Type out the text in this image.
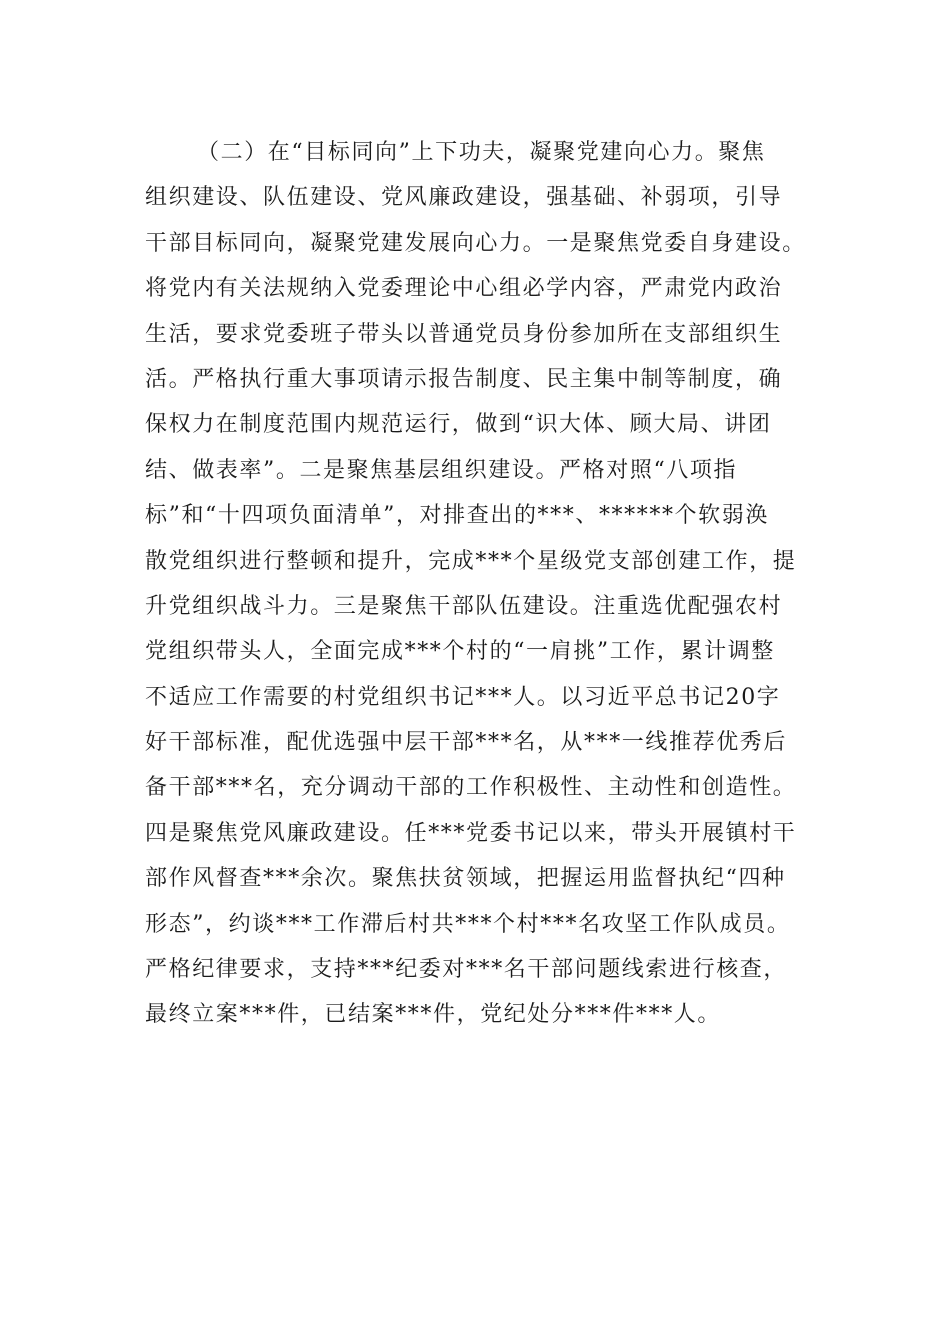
（二）在“目标同向”上下功夫，凝聚党建向心力。聚焦
组织建设、队伍建设、党风廉政建设，强基础、补弱项，引导
干部目标同向，凝聚党建发展向心力。一是聚焦党委自身建设。
将党内有关法规纳入党委理论中心组必学内容，严肃党内政治
生活，要求党委班子带头以普通党员身份参加所在支部组织生
活。严格执行重大事项请示报告制度、民主集中制等制度，确
保权力在制度范围内规范运行，做到“识大体、顾大局、讲团
结、做表率”。二是聚焦基层组织建设。严格对照“八项指
标”和“十四项负面清单”，对排查出的***、******个软弱涣
散党组织进行整顿和提升，完成***个星级党支部创建工作，提
升党组织战斗力。三是聚焦干部队伍建设。注重选优配强农村
党组织带头人，全面完成***个村的“一肩挑”工作，累计调整
不适应工作需要的村党组织书记***人。以习近平总书记20字
好干部标准，配优选强中层干部***名，从***一线推荐优秀后
备干部***名，充分调动干部的工作积极性、主动性和创造性。
四是聚焦党风廉政建设。任***党委书记以来，带头开展镇村干
部作风督查***余次。聚焦扶贫领域，把握运用监督执纪“四种
形态”，约谈***工作滞后村共***个村***名攻坚工作队成员。
严格纪律要求，支持***纪委对***名干部问题线索进行核查，
最终立案***件，已结案***件，党纪处分***件***人。
